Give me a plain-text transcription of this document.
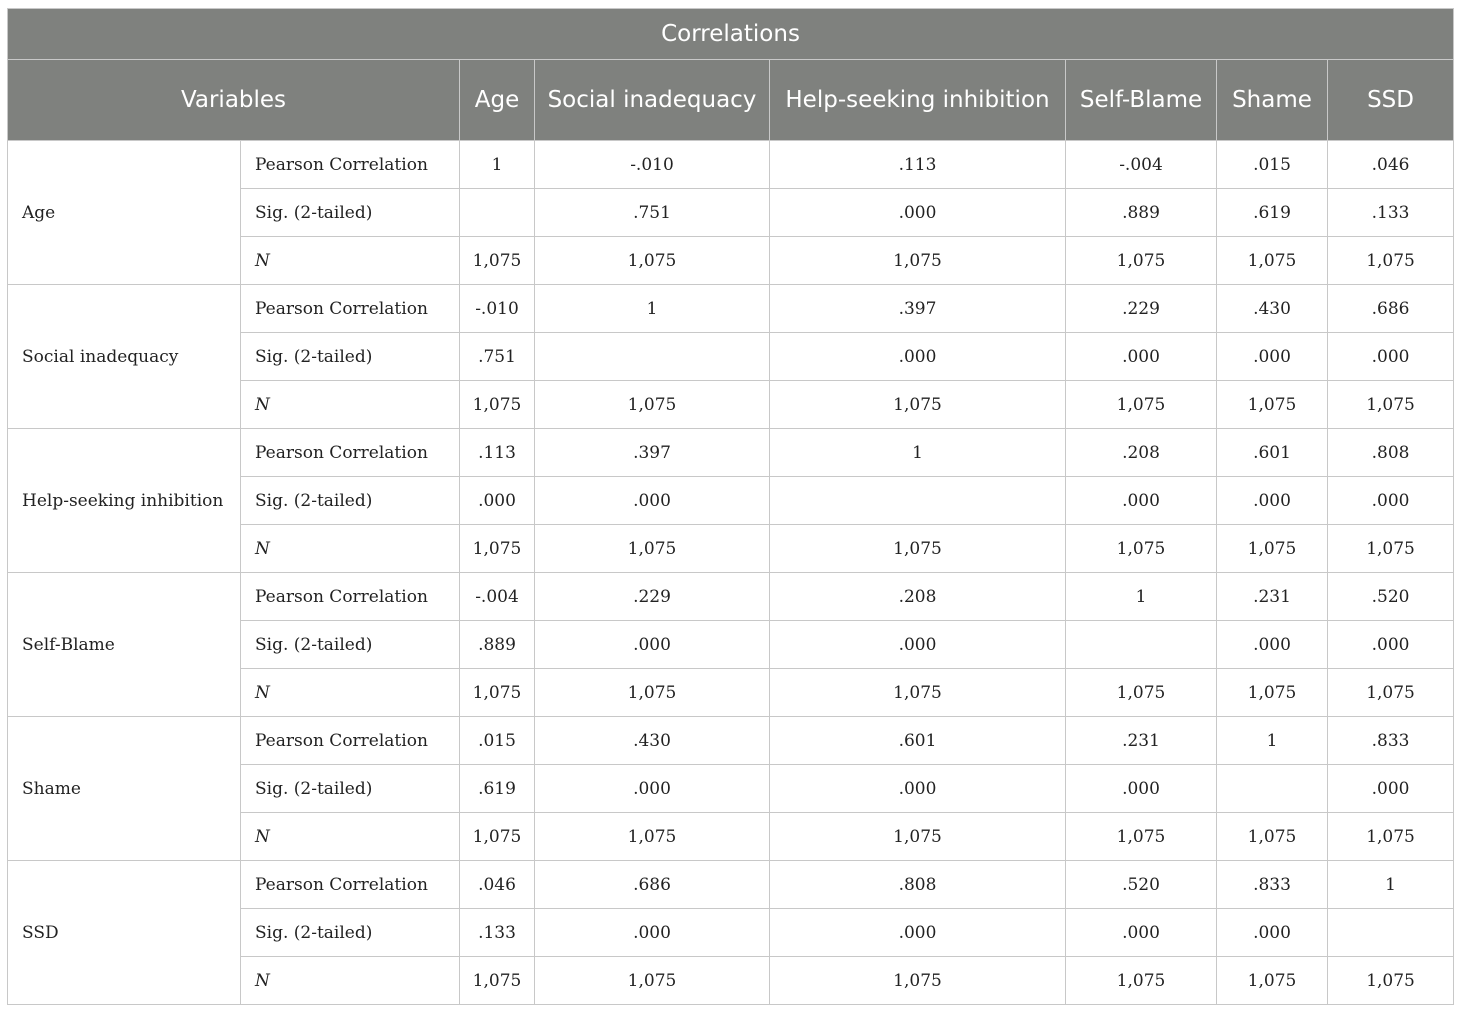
Correlations							
Variables		Age	Social inadequacy	Help-seeking inhibition	Self-Blame	Shame	SSD
Age	Pearson Correlation	1	-.010	.113	-.004	.015	.046
	Sig. (2-tailed)		.751	.000	.889	.619	.133
	N	1,075	1,075	1,075	1,075	1,075	1,075
Social inadequacy	Pearson Correlation	-.010	1	.397	.229	.430	.686
	Sig. (2-tailed)	.751		.000	.000	.000	.000
	N	1,075	1,075	1,075	1,075	1,075	1,075
Help-seeking inhibition	Pearson Correlation	.113	.397	1	.208	.601	.808
	Sig. (2-tailed)	.000	.000		.000	.000	.000
	N	1,075	1,075	1,075	1,075	1,075	1,075
Self-Blame	Pearson Correlation	-.004	.229	.208	1	.231	.520
	Sig. (2-tailed)	.889	.000	.000		.000	.000
	N	1,075	1,075	1,075	1,075	1,075	1,075
Shame	Pearson Correlation	.015	.430	.601	.231	1	.833
	Sig. (2-tailed)	.619	.000	.000	.000		.000
	N	1,075	1,075	1,075	1,075	1,075	1,075
SSD	Pearson Correlation	.046	.686	.808	.520	.833	1
	Sig. (2-tailed)	.133	.000	.000	.000	.000	
	N	1,075	1,075	1,075	1,075	1,075	1,075
